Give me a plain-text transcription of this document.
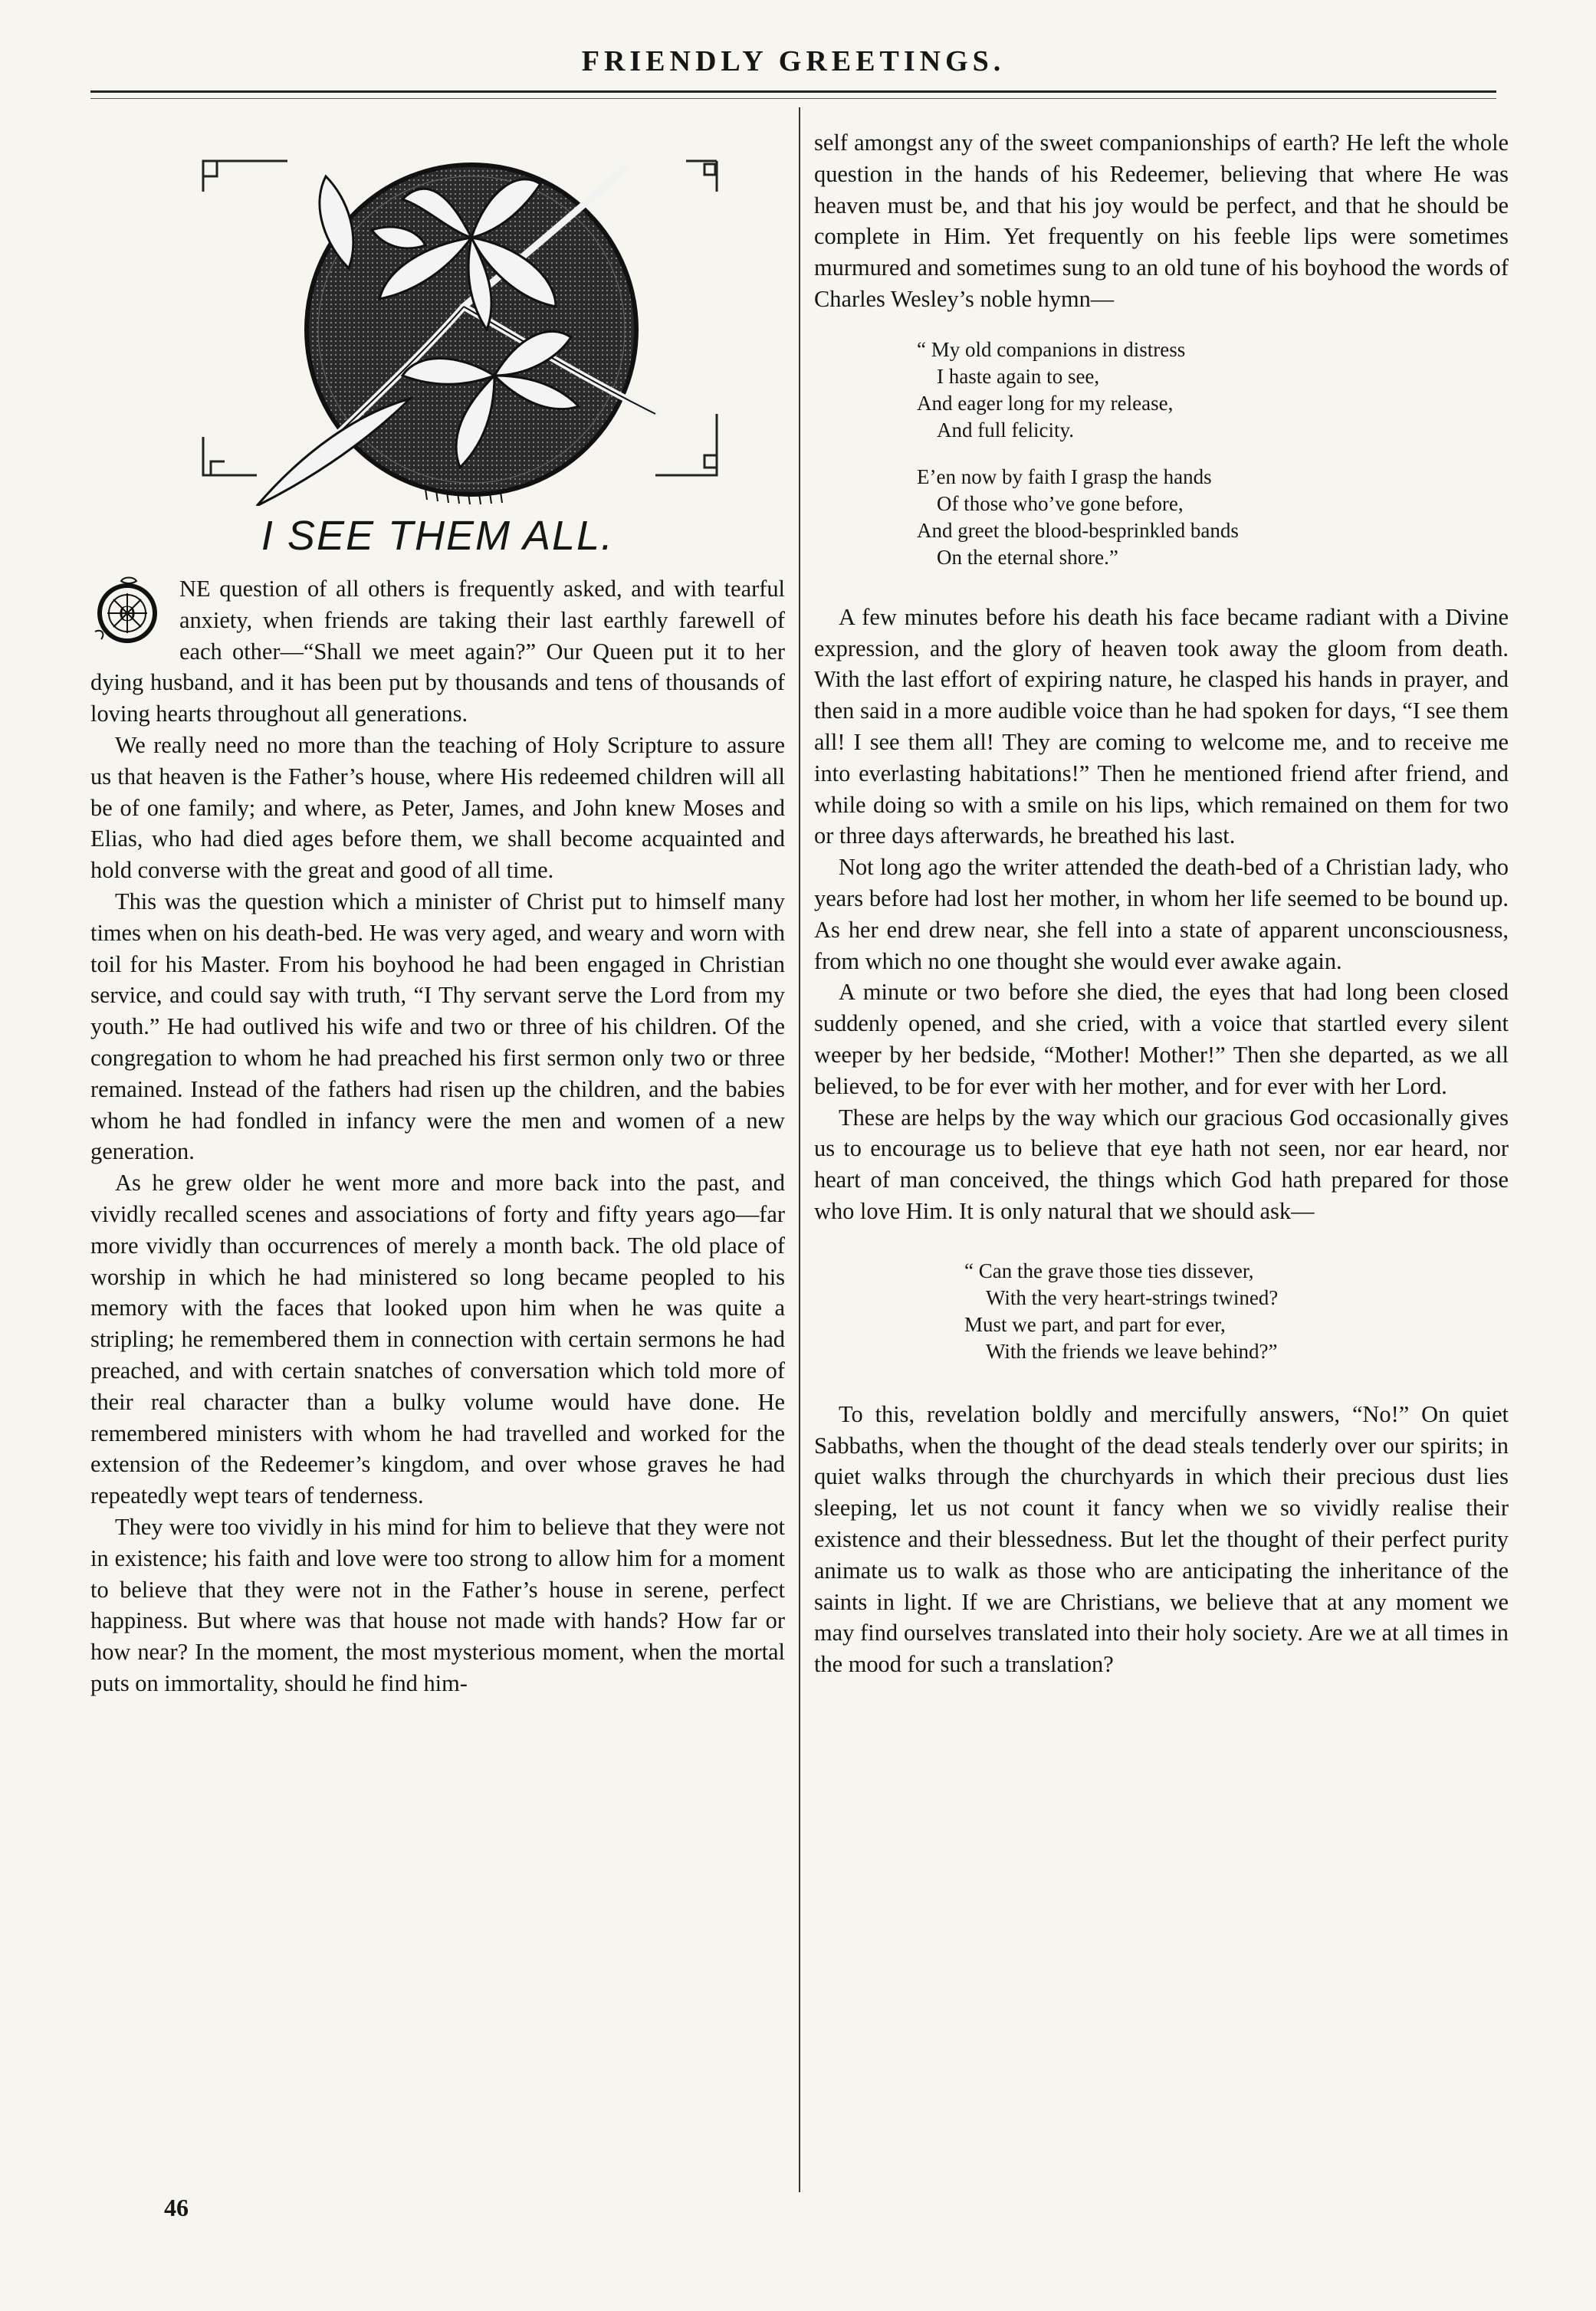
FRIENDLY GREETINGS.
I SEE THEM ALL.

O
NE question of all others is frequently asked, and with tearful anxiety, when friends are taking their last earthly farewell of each other—“Shall we meet again?” Our Queen put it to her dying husband, and it has been put by thousands and tens of thousands of loving hearts throughout all generations.

We really need no more than the teaching of Holy Scripture to assure us that heaven is the Father’s house, where His redeemed children will all be of one family; and where, as Peter, James, and John knew Moses and Elias, who had died ages before them, we shall become acquainted and hold converse with the great and good of all time.

This was the question which a minister of Christ put to himself many times when on his death-bed. He was very aged, and weary and worn with toil for his Master. From his boyhood he had been engaged in Christian service, and could say with truth, “I Thy servant serve the Lord from my youth.” He had outlived his wife and two or three of his children. Of the congregation to whom he had preached his first sermon only two or three remained. Instead of the fathers had risen up the children, and the babies whom he had fondled in infancy were the men and women of a new generation.

As he grew older he went more and more back into the past, and vividly recalled scenes and associations of forty and fifty years ago—far more vividly than occurrences of merely a month back. The old place of worship in which he had ministered so long became peopled to his memory with the faces that looked upon him when he was quite a stripling; he remembered them in connection with certain sermons he had preached, and with certain snatches of conversation which told more of their real character than a bulky volume would have done. He remembered ministers with whom he had travelled and worked for the extension of the Redeemer’s kingdom, and over whose graves he had repeatedly wept tears of tenderness.

They were too vividly in his mind for him to believe that they were not in existence; his faith and love were too strong to allow him for a moment to believe that they were not in the Father’s house in serene, perfect happiness. But where was that house not made with hands? How far or how near? In the moment, the most mysterious moment, when the mortal puts on immortality, should he find him-

self amongst any of the sweet companionships of earth? He left the whole question in the hands of his Redeemer, believing that where He was heaven must be, and that his joy would be perfect, and that he should be complete in Him. Yet frequently on his feeble lips were sometimes murmured and sometimes sung to an old tune of his boyhood the words of Charles Wesley’s noble hymn—

“ My old companions in distress
I haste again to see,
And eager long for my release,
And full felicity.
E’en now by faith I grasp the hands
Of those who’ve gone before,
And greet the blood-besprinkled bands
On the eternal shore.”

A few minutes before his death his face became radiant with a Divine expression, and the glory of heaven took away the gloom from death. With the last effort of expiring nature, he clasped his hands in prayer, and then said in a more audible voice than he had spoken for days, “I see them all! I see them all! They are coming to welcome me, and to receive me into everlasting habitations!” Then he mentioned friend after friend, and while doing so with a smile on his lips, which remained on them for two or three days afterwards, he breathed his last.

Not long ago the writer attended the death-bed of a Christian lady, who years before had lost her mother, in whom her life seemed to be bound up. As her end drew near, she fell into a state of apparent unconsciousness, from which no one thought she would ever awake again.

A minute or two before she died, the eyes that had long been closed suddenly opened, and she cried, with a voice that startled every silent weeper by her bedside, “Mother! Mother!” Then she departed, as we all believed, to be for ever with her mother, and for ever with her Lord.

These are helps by the way which our gracious God occasionally gives us to encourage us to believe that eye hath not seen, nor ear heard, nor heart of man conceived, the things which God hath prepared for those who love Him. It is only natural that we should ask—

“ Can the grave those ties dissever,
With the very heart-strings twined?
Must we part, and part for ever,
With the friends we leave behind?”

To this, revelation boldly and mercifully answers, “No!” On quiet Sabbaths, when the thought of the dead steals tenderly over our spirits; in quiet walks through the churchyards in which their precious dust lies sleeping, let us not count it fancy when we so vividly realise their existence and their blessedness. But let the thought of their perfect purity animate us to walk as those who are anticipating the inheritance of the saints in light. If we are Christians, we believe that at any moment we may find ourselves translated into their holy society. Are we at all times in the mood for such a translation?

46
